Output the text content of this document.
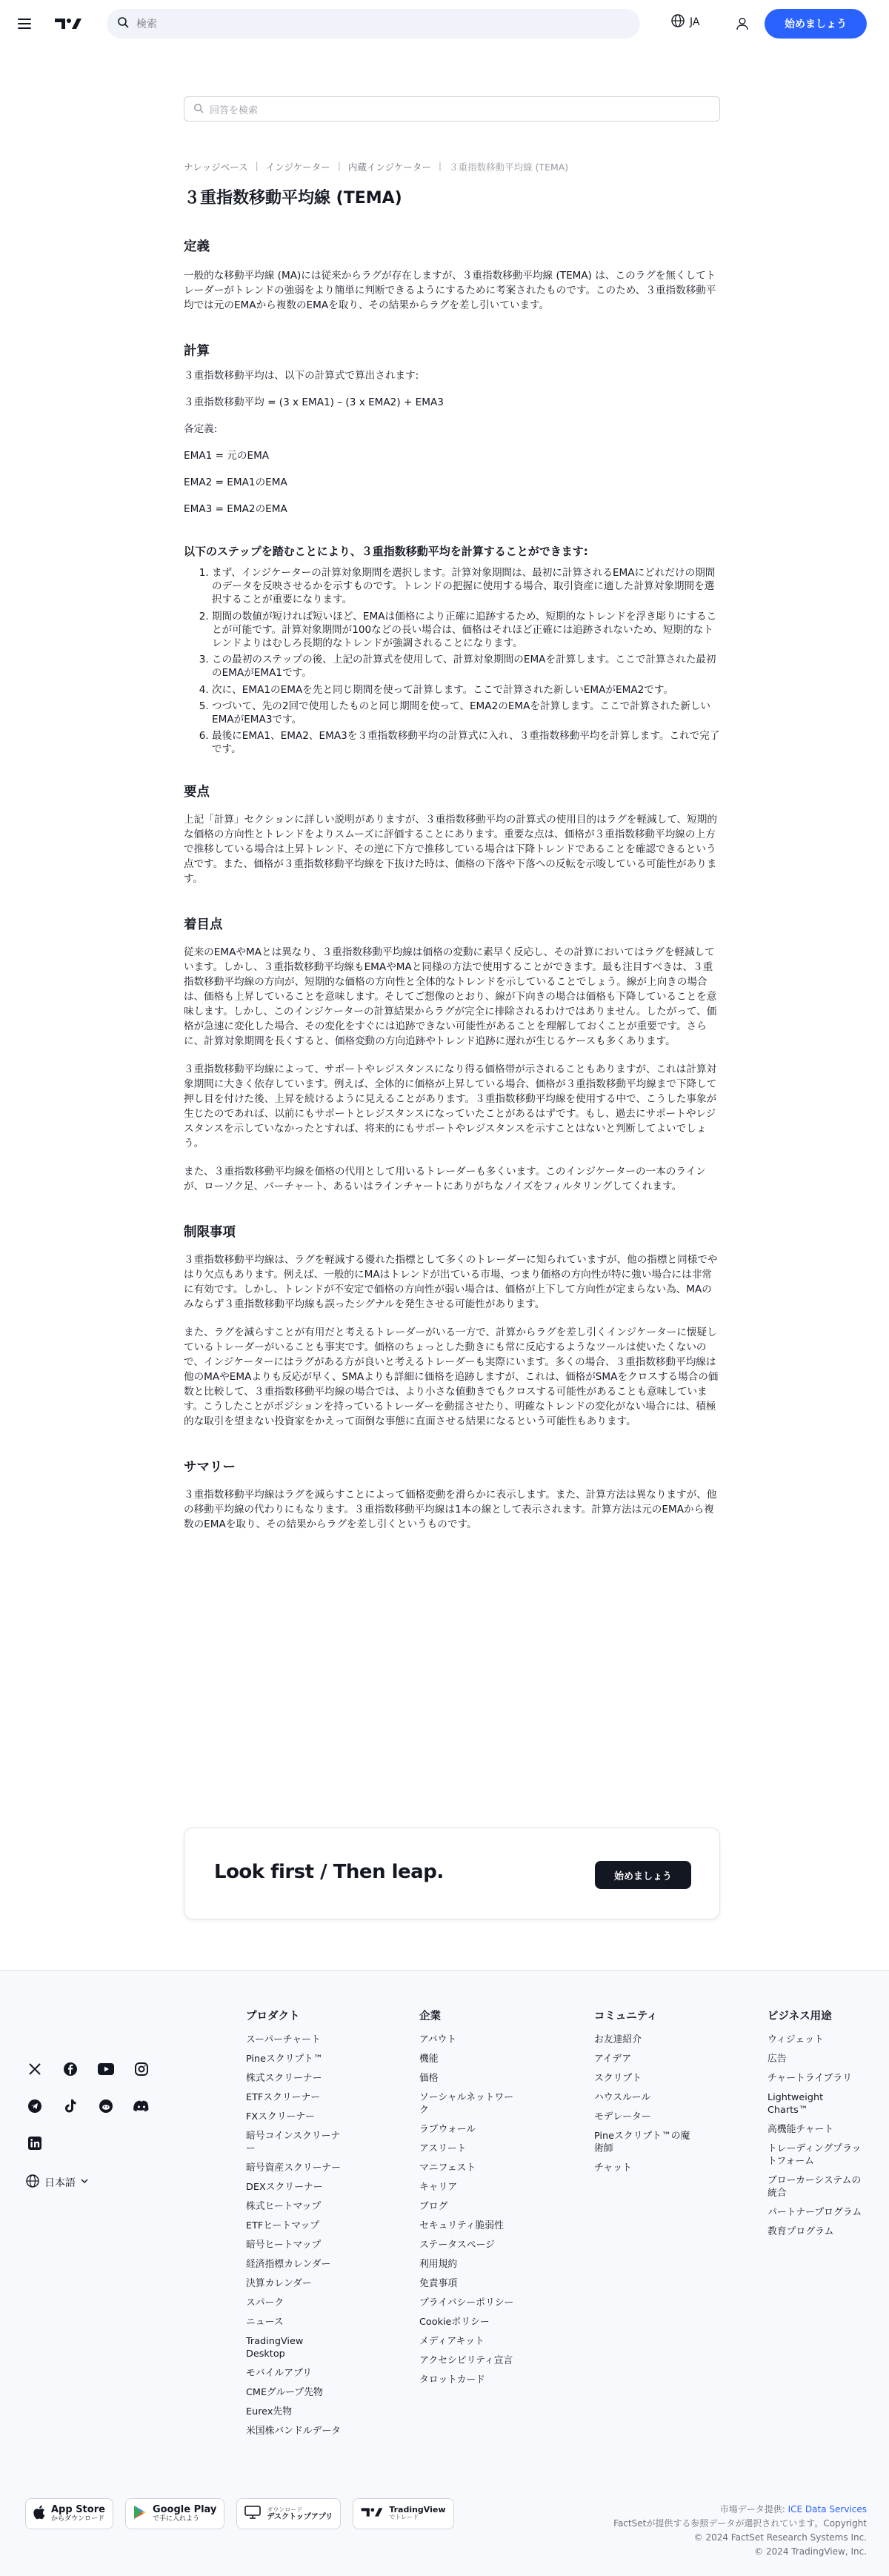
検索	JA	始めましょう
回答を検索
ナレッジベース | インジケーター | 内蔵インジケーター | ３重指数移動平均線 (TEMA)
３重指数移動平均線 (TEMA)
定義

一般的な移動平均線 (MA)には従来からラグが存在しますが、３重指数移動平均線 (TEMA) は、このラグを無くしてトレーダーがトレンドの強弱をより簡単に判断できるようにするために考案されたものです。このため、３重指数移動平均では元のEMAから複数のEMAを取り、その結果からラグを差し引いています。

計算

３重指数移動平均は、以下の計算式で算出されます:

３重指数移動平均 = (3 x EMA1) – (3 x EMA2) + EMA3

各定義:

EMA1 = 元のEMA

EMA2 = EMA1のEMA

EMA3 = EMA2のEMA

以下のステップを踏むことにより、３重指数移動平均を計算することができます:
1. まず、インジケーターの計算対象期間を選択します。計算対象期間は、最初に計算されるEMAにどれだけの期間のデータを反映させるかを示すものです。トレンドの把握に使用する場合、取引資産に適した計算対象期間を選択することが重要になります。
2. 期間の数値が短ければ短いほど、EMAは価格により正確に追跡するため、短期的なトレンドを浮き彫りにすることが可能です。計算対象期間が100などの長い場合は、価格はそれほど正確には追跡されないため、短期的なトレンドよりはむしろ長期的なトレンドが強調されることになります。
3. この最初のステップの後、上記の計算式を使用して、計算対象期間のEMAを計算します。ここで計算された最初のEMAがEMA1です。
4. 次に、EMA1のEMAを先と同じ期間を使って計算します。ここで計算された新しいEMAがEMA2です。
5. つづいて、先の2回で使用したものと同じ期間を使って、EMA2のEMAを計算します。ここで計算された新しいEMAがEMA3です。
6. 最後にEMA1、EMA2、EMA3を３重指数移動平均の計算式に入れ、３重指数移動平均を計算します。これで完了です。
要点

上記「計算」セクションに詳しい説明がありますが、３重指数移動平均の計算式の使用目的はラグを軽減して、短期的な価格の方向性とトレンドをよりスムーズに評価することにあります。重要な点は、価格が３重指数移動平均線の上方で推移している場合は上昇トレンド、その逆に下方で推移している場合は下降トレンドであることを確認できるという点です。また、価格が３重指数移動平均線を下抜けた時は、価格の下落や下落への反転を示唆している可能性があります。

着目点

従来のEMAやMAとは異なり、３重指数移動平均線は価格の変動に素早く反応し、その計算においてはラグを軽減しています。しかし、３重指数移動平均線もEMAやMAと同様の方法で使用することができます。最も注目すべきは、３重指数移動平均線の方向が、短期的な価格の方向性と全体的なトレンドを示していることでしょう。線が上向きの場合は、価格も上昇していることを意味します。そしてご想像のとおり、線が下向きの場合は価格も下降していることを意味します。しかし、このインジケーターの計算結果からラグが完全に排除されるわけではありません。したがって、価格が急速に変化した場合、その変化をすぐには追跡できない可能性があることを理解しておくことが重要です。さらに、計算対象期間を長くすると、価格変動の方向追跡やトレンド追跡に遅れが生じるケースも多くあります。

３重指数移動平均線によって、サポートやレジスタンスになり得る価格帯が示されることもありますが、これは計算対象期間に大きく依存しています。例えば、全体的に価格が上昇している場合、価格が３重指数移動平均線まで下降して押し目を付けた後、上昇を続けるように見えることがあります。３重指数移動平均線を使用する中で、こうした事象が生じたのであれば、以前にもサポートとレジスタンスになっていたことがあるはずです。もし、過去にサポートやレジスタンスを示していなかったとすれば、将来的にもサポートやレジスタンスを示すことはないと判断してよいでしょう。

また、３重指数移動平均線を価格の代用として用いるトレーダーも多くいます。このインジケーターの一本のラインが、ローソク足、バーチャート、あるいはラインチャートにありがちなノイズをフィルタリングしてくれます。

制限事項

３重指数移動平均線は、ラグを軽減する優れた指標として多くのトレーダーに知られていますが、他の指標と同様でやはり欠点もあります。例えば、一般的にMAはトレンドが出ている市場、つまり価格の方向性が特に強い場合には非常に有効です。しかし、トレンドが不安定で価格の方向性が弱い場合は、価格が上下して方向性が定まらない為、MAのみならず３重指数移動平均線も誤ったシグナルを発生させる可能性があります。

また、ラグを減らすことが有用だと考えるトレーダーがいる一方で、計算からラグを差し引くインジケーターに懐疑しているトレーダーがいることも事実です。価格のちょっとした動きにも常に反応するようなツールは使いたくないので、インジケーターにはラグがある方が良いと考えるトレーダーも実際にいます。多くの場合、３重指数移動平均線は他のMAやEMAよりも反応が早く、SMAよりも詳細に価格を追跡しますが、これは、価格がSMAをクロスする場合の価数と比較して、３重指数移動平均線の場合では、より小さな値動きでもクロスする可能性があることも意味しています。こうしたことがポジションを持っているトレーダーを動揺させたり、明確なトレンドの変化がない場合には、積極的な取引を望まない投資家をかえって面倒な事態に直面させる結果になるという可能性もあります。

サマリー

３重指数移動平均線はラグを減らすことによって価格変動を滑らかに表示します。また、計算方法は異なりますが、他の移動平均線の代わりにもなります。３重指数移動平均線は1本の線として表示されます。計算方法は元のEMAから複数のEMAを取り、その結果からラグを差し引くというものです。

Look first / Then leap.	始めましょう
日本語
プロダクト
スーパーチャート
Pineスクリプト™
株式スクリーナー
ETFスクリーナー
FXスクリーナー
暗号コインスクリーナー
暗号資産スクリーナー
DEXスクリーナー
株式ヒートマップ
ETFヒートマップ
暗号ヒートマップ
経済指標カレンダー
決算カレンダー
スパーク
ニュース
TradingView Desktop
モバイルアプリ
CMEグループ先物
Eurex先物
米国株バンドルデータ
企業
アバウト
機能
価格
ソーシャルネットワーク
ラブウォール
アスリート
マニフェスト
キャリア
ブログ
セキュリティ脆弱性
ステータスページ
利用規約
免責事項
プライバシーポリシー
Cookieポリシー
メディアキット
アクセシビリティ宣言
タロットカード
コミュニティ
お友達紹介
アイデア
スクリプト
ハウスルール
モデレーター
Pineスクリプト™の魔術師
チャット
ビジネス用途
ウィジェット
広告
チャートライブラリ
Lightweight Charts™
高機能チャート
トレーディングプラットフォーム
ブローカーシステムの統合
パートナープログラム
教育プログラム
App Store
からダウンロード
Google Play
で手に入れよう
ダウンロード
デスクトップアプリ
TradingView
でトレード
市場データ提供: ICE Data Services
FactSetが提供する参照データが選択されています。Copyright
© 2024 FactSet Research Systems Inc.
© 2024 TradingView, Inc.
